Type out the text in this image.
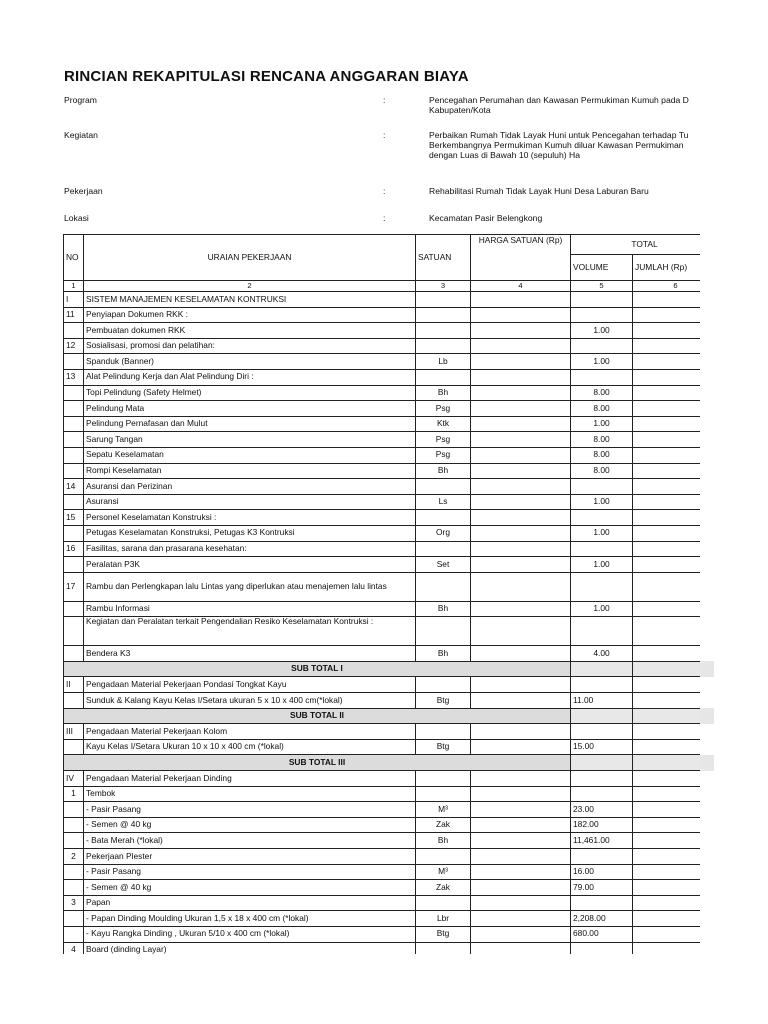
RINCIAN REKAPITULASI RENCANA ANGGARAN BIAYA
Program	:	Pencegahan Perumahan dan Kawasan Permukiman Kumuh pada D
Kabupaten/Kota
Kegiatan	:	Perbaikan Rumah Tidak Layak Huni untuk Pencegahan terhadap Tu
Berkembangnya Permukiman Kumuh diluar Kawasan Permukiman
dengan Luas di Bawah 10 (sepuluh) Ha
Pekerjaan	:	Rehabilitasi Rumah Tidak Layak Huni Desa Laburan Baru
Lokasi	:	Kecamatan Pasir Belengkong
NO	URAIAN PEKERJAAN	SATUAN	HARGA SATUAN (Rp)	TOTAL	
				VOLUME	JUMLAH (Rp)
1	2	3	4	5	6
I	SISTEM MANAJEMEN KESELAMATAN KONTRUKSI				
11	Penyiapan Dokumen RKK :				
	Pembuatan dokumen RKK			1.00	
12	Sosialisasi, promosi dan pelatihan:				
	Spanduk (Banner)	Lb		1.00	
13	Alat Pelindung Kerja dan Alat Pelindung Diri :				
	Topi Pelindung (Safety Helmet)	Bh		8.00	
	Pelindung Mata	Psg		8.00	
	Pelindung Pernafasan dan Mulut	Ktk		1.00	
	Sarung Tangan	Psg		8.00	
	Sepatu Keselamatan	Psg		8.00	
	Rompi Keselamatan	Bh		8.00	
14	Asuransi dan Perizinan				
	Asuransi	Ls		1.00	
15	Personel Keselamatan Konstruksi :				
	Petugas Keselamatan Konstruksi, Petugas K3 Kontruksi	Org		1.00	
16	Fasilitas, sarana dan prasarana kesehatan:				
	Peralatan P3K	Set		1.00	
17	Rambu dan Perlengkapan lalu Lintas yang diperlukan atau menajemen lalu lintas				
	Rambu Informasi	Bh		1.00	
	Kegiatan dan Peralatan terkait Pengendalian Resiko Keselamatan Kontruksi :				
	Bendera K3	Bh		4.00	
SUB TOTAL I					
II	Pengadaan Material Pekerjaan Pondasi Tongkat Kayu				
	Sunduk & Kalang Kayu Kelas I/Setara ukuran 5 x 10 x 400 cm(*lokal)	Btg		11.00	
SUB TOTAL II					
III	Pengadaan Material Pekerjaan Kolom				
	Kayu Kelas I/Setara Ukuran 10 x 10 x 400 cm (*lokal)	Btg		15.00	
SUB TOTAL III					
IV	Pengadaan Material Pekerjaan Dinding				
1	Tembok				
	- Pasir Pasang	M³		23.00	
	- Semen @ 40 kg	Zak		182.00	
	- Bata Merah (*lokal)	Bh		11,461.00	
2	Pekerjaan Plester				
	- Pasir Pasang	M³		16.00	
	- Semen @ 40 kg	Zak		79.00	
3	Papan				
	- Papan Dinding Moulding Ukuran 1,5 x 18 x 400 cm (*lokal)	Lbr		2,208.00	
	- Kayu Rangka Dinding , Ukuran 5/10 x 400 cm (*lokal)	Btg		680.00	
4	Board (dinding Layar)				
